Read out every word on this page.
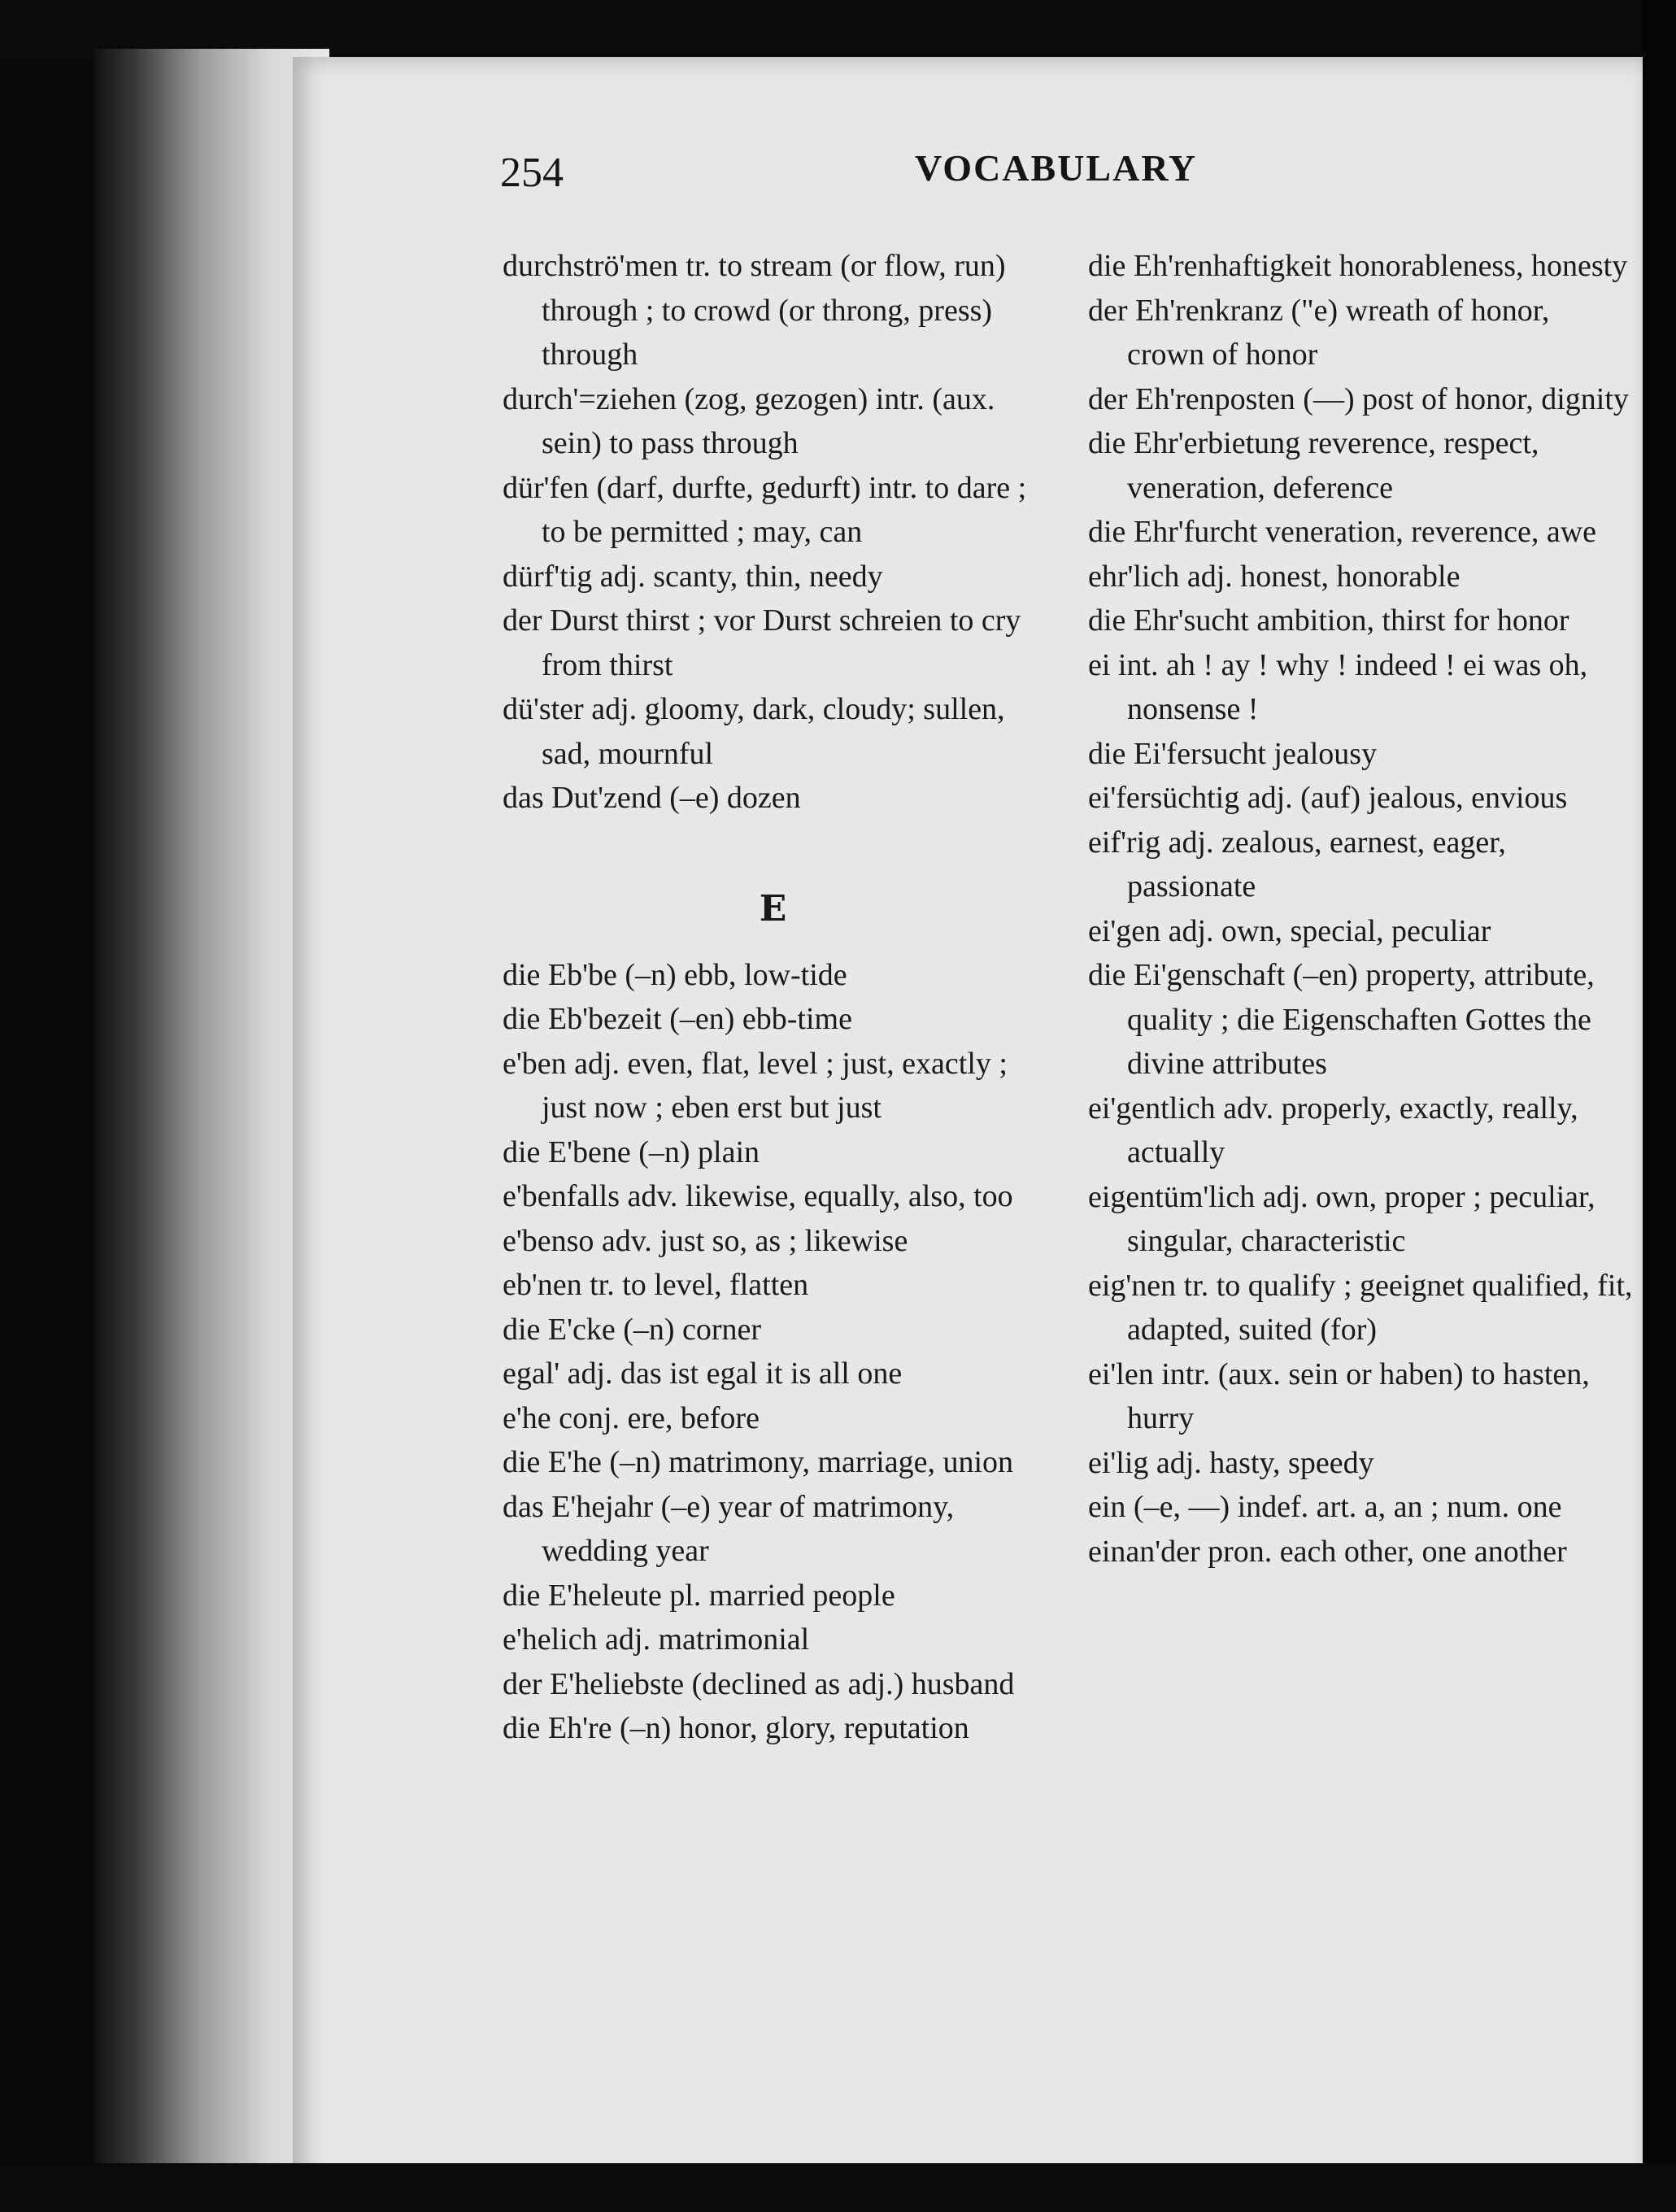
254	VOCABULARY

durchströ'men tr. to stream (or flow, run) through ; to crowd (or throng, press) through

durch'=ziehen (zog, gezogen) intr. (aux. sein) to pass through

dür'fen (darf, durfte, gedurft) intr. to dare ; to be permitted ; may, can

dürf'tig adj. scanty, thin, needy

der Durst thirst ; vor Durst schreien to cry from thirst

dü'ster adj. gloomy, dark, cloudy; sullen, sad, mournful

das Dut'zend (–e) dozen

E

die Eb'be (–n) ebb, low-tide

die Eb'bezeit (–en) ebb-time

e'ben adj. even, flat, level ; just, exactly ; just now ; eben erst but just

die E'bene (–n) plain

e'benfalls adv. likewise, equally, also, too

e'benso adv. just so, as ; likewise

eb'nen tr. to level, flatten

die E'cke (–n) corner

egal' adj. das ist egal it is all one

e'he conj. ere, before

die E'he (–n) matrimony, marriage, union

das E'hejahr (–e) year of matrimony, wedding year

die E'heleute pl. married people

e'helich adj. matrimonial

der E'heliebste (declined as adj.) husband

die Eh're (–n) honor, glory, reputation

die Eh'renhaftigkeit honorableness, honesty

der Eh'renkranz ("e) wreath of honor, crown of honor

der Eh'renposten (—) post of honor, dignity

die Ehr'erbietung reverence, respect, veneration, deference

die Ehr'furcht veneration, reverence, awe

ehr'lich adj. honest, honorable

die Ehr'sucht ambition, thirst for honor

ei int. ah ! ay ! why ! indeed ! ei was oh, nonsense !

die Ei'fersucht jealousy

ei'fersüchtig adj. (auf) jealous, envious

eif'rig adj. zealous, earnest, eager, passionate

ei'gen adj. own, special, peculiar

die Ei'genschaft (–en) property, attribute, quality ; die Eigenschaften Gottes the divine attributes

ei'gentlich adv. properly, exactly, really, actually

eigentüm'lich adj. own, proper ; peculiar, singular, characteristic

eig'nen tr. to qualify ; geeignet qualified, fit, adapted, suited (for)

ei'len intr. (aux. sein or haben) to hasten, hurry

ei'lig adj. hasty, speedy

ein (–e, —) indef. art. a, an ; num. one

einan'der pron. each other, one another
